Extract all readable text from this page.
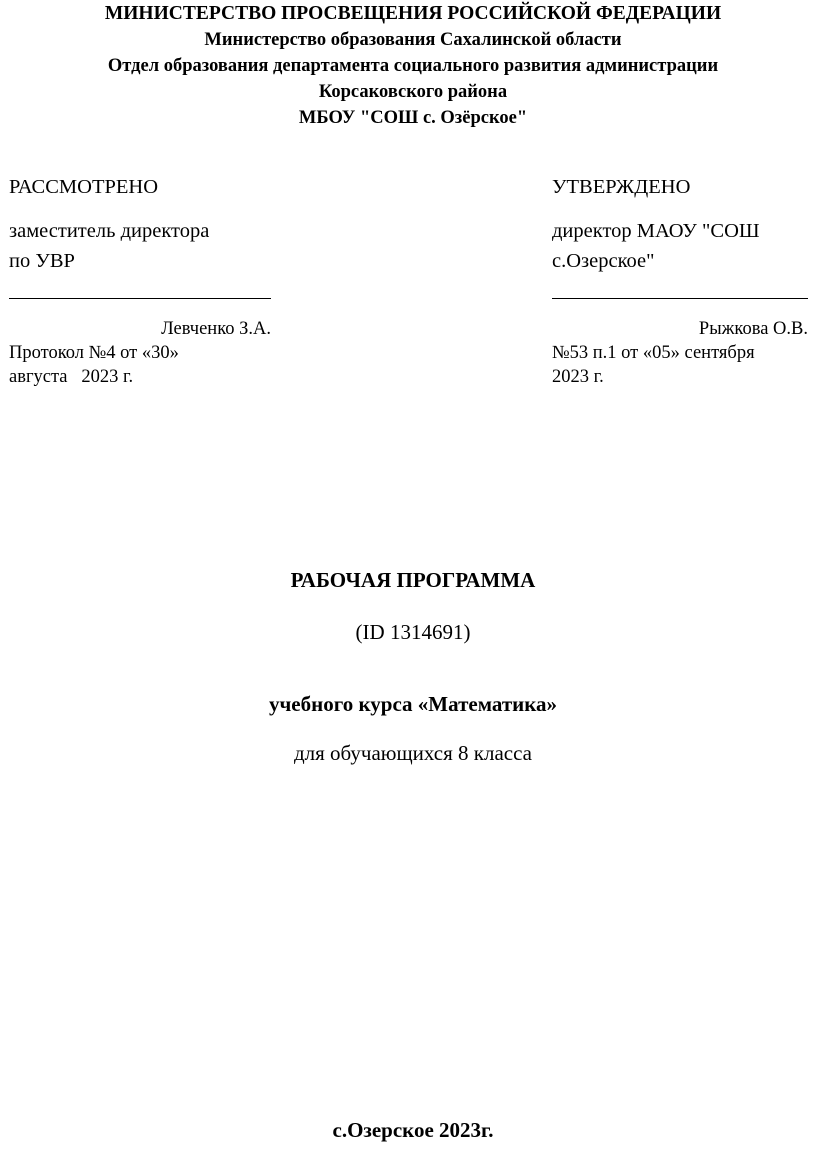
МИНИСТЕРСТВО ПРОСВЕЩЕНИЯ РОССИЙСКОЙ ФЕДЕРАЦИИ
Министерство образования Сахалинской области
Отдел образования департамента социального развития администрации
Корсаковского района
МБОУ "СОШ с. Озёрское"
РАССМОТРЕНО
заместитель директора
по УВР
Левченко З.А.
Протокол №4 от «30»
августа   2023 г.
УТВЕРЖДЕНО
директор МАОУ "СОШ
с.Озерское"
Рыжкова О.В.
№53 п.1 от «05» сентября
2023 г.
РАБОЧАЯ ПРОГРАММА
(ID 1314691)
учебного курса «Математика»
для обучающихся 8 класса
с.Озерское 2023г.
